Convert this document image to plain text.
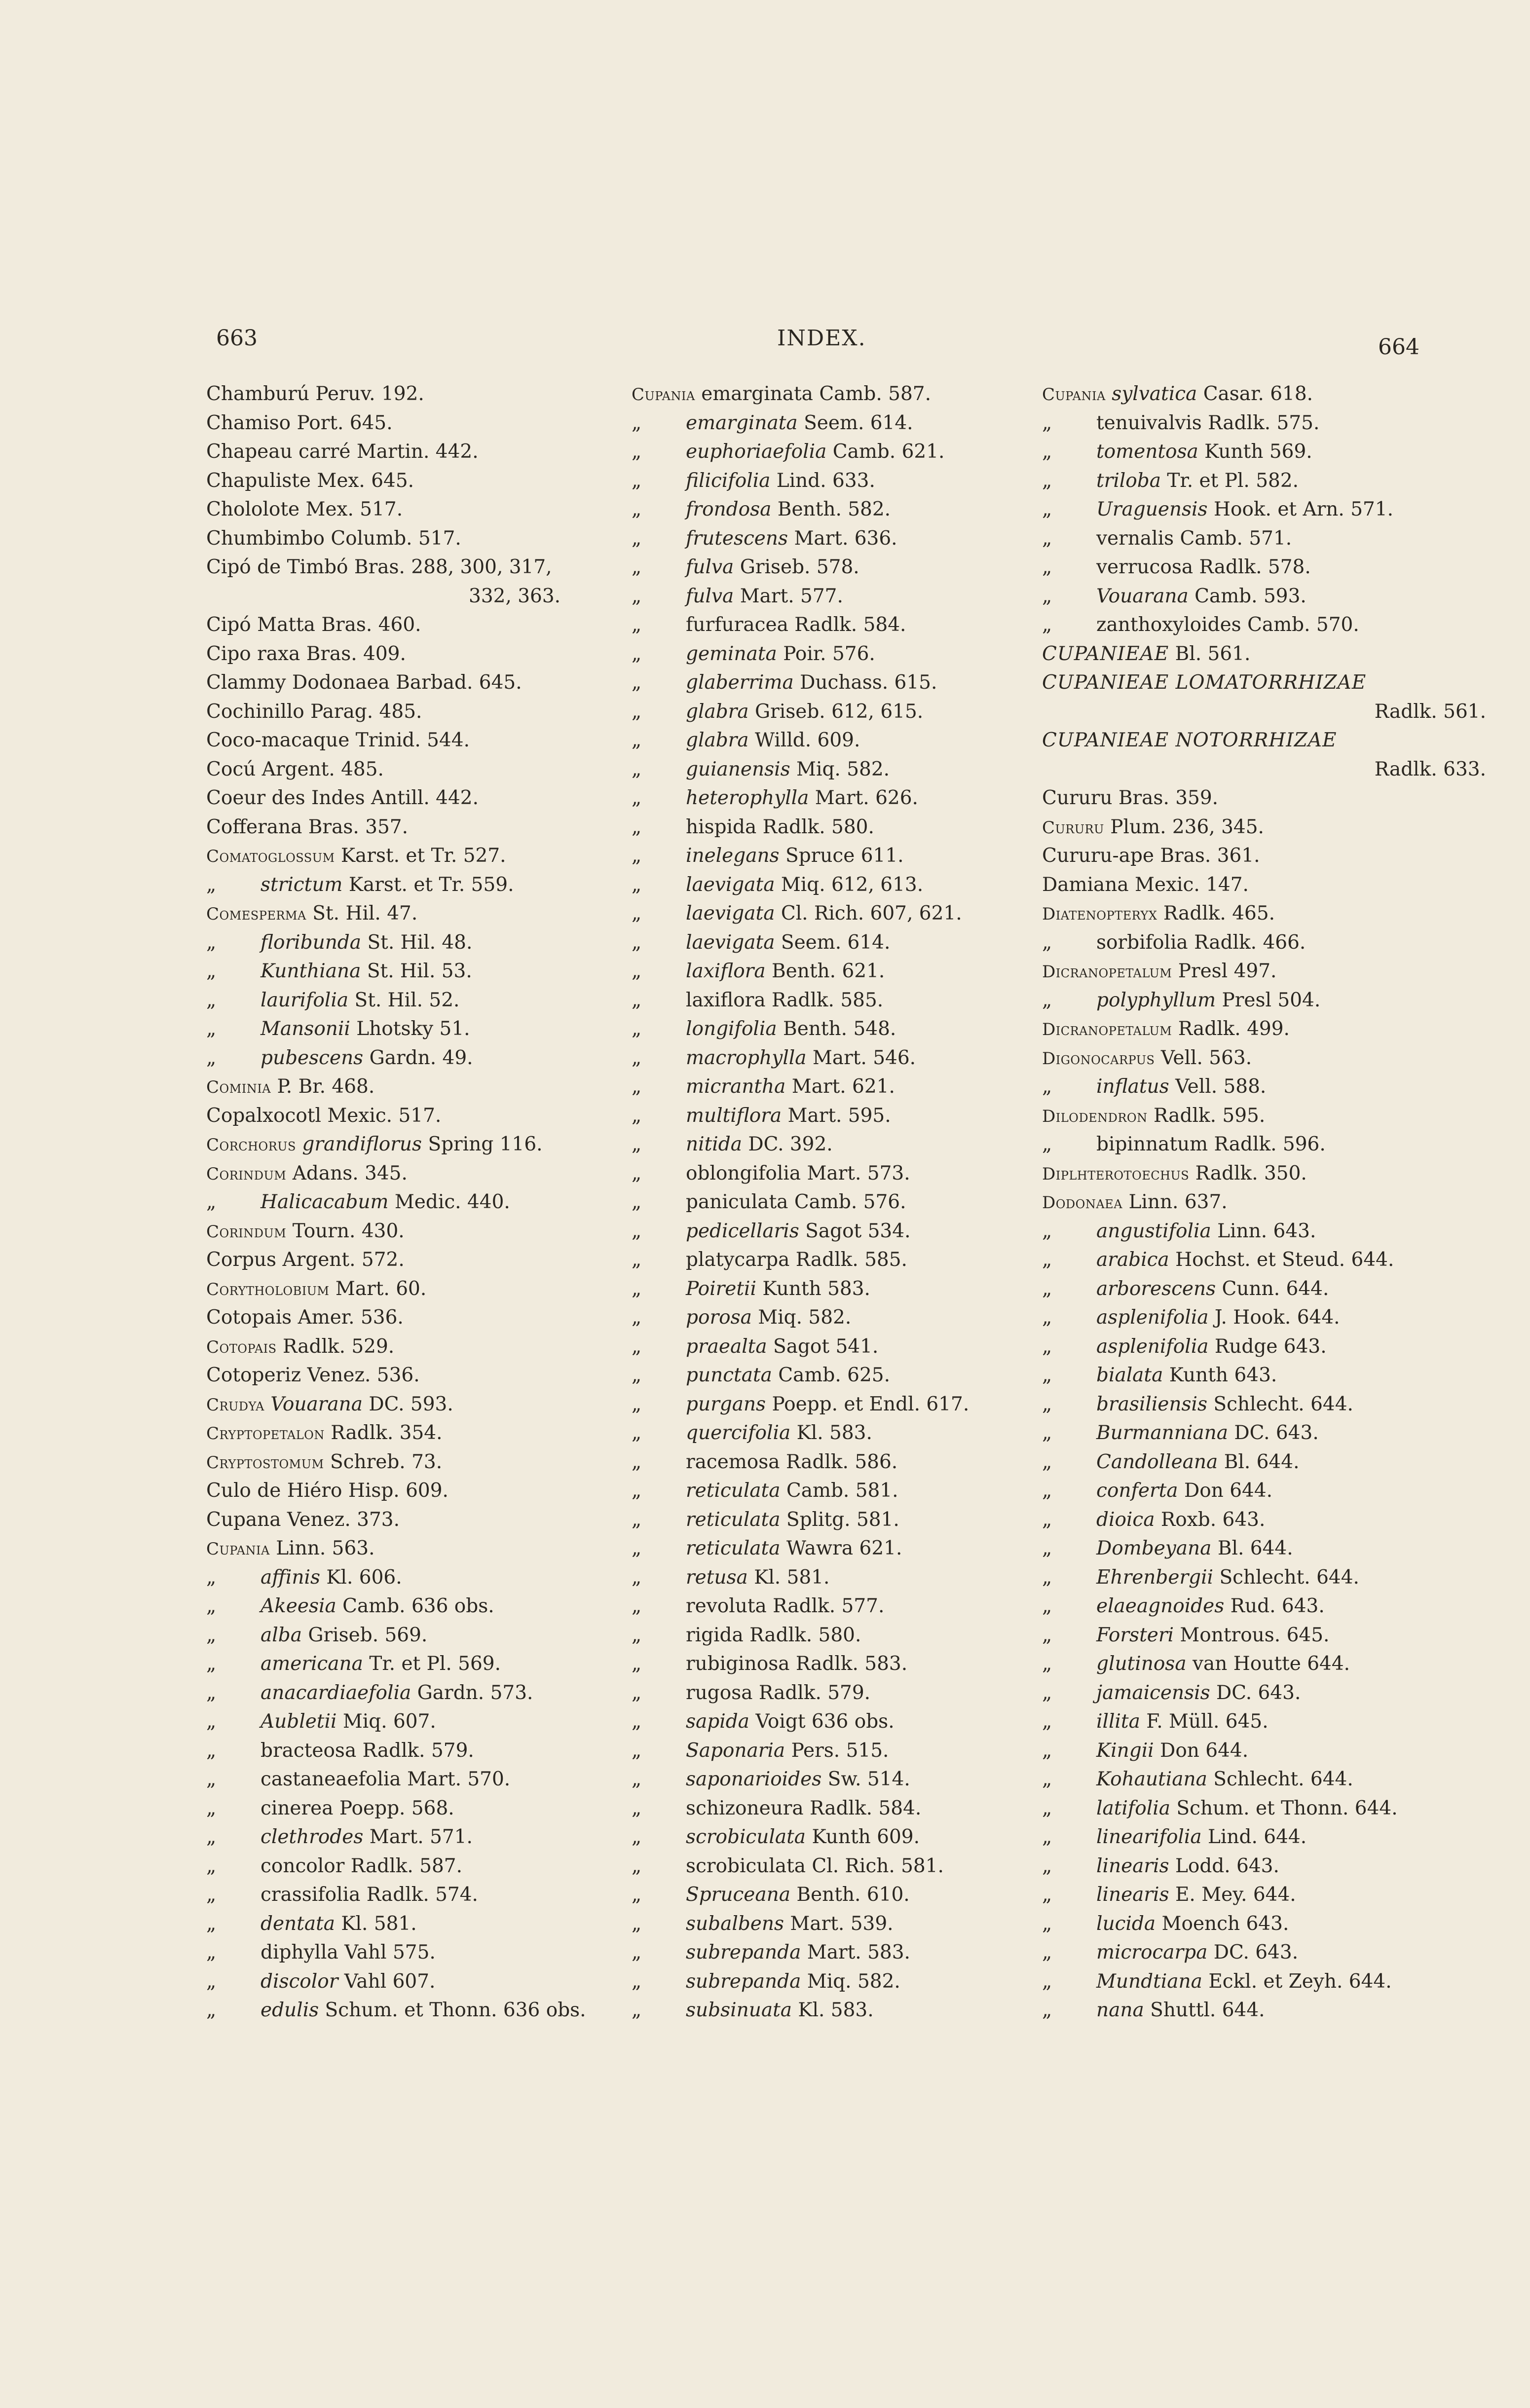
663	INDEX.	664
Chamburú Peruv. 192.
Chamiso Port. 645.
Chapeau carré Martin. 442.
Chapuliste Mex. 645.
Chololote Mex. 517.
Chumbimbo Columb. 517.
Cipó de Timbó Bras. 288, 300, 317,
332, 363.
Cipó Matta Bras. 460.
Cipo raxa Bras. 409.
Clammy Dodonaea Barbad. 645.
Cochinillo Parag. 485.
Coco-macaque Trinid. 544.
Cocú Argent. 485.
Coeur des Indes Antill. 442.
Cofferana Bras. 357.
Comatoglossum Karst. et Tr. 527.
„ strictum Karst. et Tr. 559.
Comesperma St. Hil. 47.
„ floribunda St. Hil. 48.
„ Kunthiana St. Hil. 53.
„ laurifolia St. Hil. 52.
„ Mansonii Lhotsky 51.
„ pubescens Gardn. 49.
Cominia P. Br. 468.
Copalxocotl Mexic. 517.
Corchorus grandiflorus Spring 116.
Corindum Adans. 345.
„ Halicacabum Medic. 440.
Corindum Tourn. 430.
Corpus Argent. 572.
Corytholobium Mart. 60.
Cotopais Amer. 536.
Cotopais Radlk. 529.
Cotoperiz Venez. 536.
Crudya Vouarana DC. 593.
Cryptopetalon Radlk. 354.
Cryptostomum Schreb. 73.
Culo de Hiéro Hisp. 609.
Cupana Venez. 373.
Cupania Linn. 563.
„ affinis Kl. 606.
„ Akeesia Camb. 636 obs.
„ alba Griseb. 569.
„ americana Tr. et Pl. 569.
„ anacardiaefolia Gardn. 573.
„ Aubletii Miq. 607.
„ bracteosa Radlk. 579.
„ castaneaefolia Mart. 570.
„ cinerea Poepp. 568.
„ clethrodes Mart. 571.
„ concolor Radlk. 587.
„ crassifolia Radlk. 574.
„ dentata Kl. 581.
„ diphylla Vahl 575.
„ discolor Vahl 607.
„ edulis Schum. et Thonn. 636 obs.
Cupania emarginata Camb. 587.
„ emarginata Seem. 614.
„ euphoriaefolia Camb. 621.
„ filicifolia Lind. 633.
„ frondosa Benth. 582.
„ frutescens Mart. 636.
„ fulva Griseb. 578.
„ fulva Mart. 577.
„ furfuracea Radlk. 584.
„ geminata Poir. 576.
„ glaberrima Duchass. 615.
„ glabra Griseb. 612, 615.
„ glabra Willd. 609.
„ guianensis Miq. 582.
„ heterophylla Mart. 626.
„ hispida Radlk. 580.
„ inelegans Spruce 611.
„ laevigata Miq. 612, 613.
„ laevigata Cl. Rich. 607, 621.
„ laevigata Seem. 614.
„ laxiflora Benth. 621.
„ laxiflora Radlk. 585.
„ longifolia Benth. 548.
„ macrophylla Mart. 546.
„ micrantha Mart. 621.
„ multiflora Mart. 595.
„ nitida DC. 392.
„ oblongifolia Mart. 573.
„ paniculata Camb. 576.
„ pedicellaris Sagot 534.
„ platycarpa Radlk. 585.
„ Poiretii Kunth 583.
„ porosa Miq. 582.
„ praealta Sagot 541.
„ punctata Camb. 625.
„ purgans Poepp. et Endl. 617.
„ quercifolia Kl. 583.
„ racemosa Radlk. 586.
„ reticulata Camb. 581.
„ reticulata Splitg. 581.
„ reticulata Wawra 621.
„ retusa Kl. 581.
„ revoluta Radlk. 577.
„ rigida Radlk. 580.
„ rubiginosa Radlk. 583.
„ rugosa Radlk. 579.
„ sapida Voigt 636 obs.
„ Saponaria Pers. 515.
„ saponarioides Sw. 514.
„ schizoneura Radlk. 584.
„ scrobiculata Kunth 609.
„ scrobiculata Cl. Rich. 581.
„ Spruceana Benth. 610.
„ subalbens Mart. 539.
„ subrepanda Mart. 583.
„ subrepanda Miq. 582.
„ subsinuata Kl. 583.
Cupania sylvatica Casar. 618.
„ tenuivalvis Radlk. 575.
„ tomentosa Kunth 569.
„ triloba Tr. et Pl. 582.
„ Uraguensis Hook. et Arn. 571.
„ vernalis Camb. 571.
„ verrucosa Radlk. 578.
„ Vouarana Camb. 593.
„ zanthoxyloides Camb. 570.
CUPANIEAE Bl. 561.
CUPANIEAE LOMATORRHIZAE
Radlk. 561.
CUPANIEAE NOTORRHIZAE
Radlk. 633.
Cururu Bras. 359.
Cururu Plum. 236, 345.
Cururu-ape Bras. 361.
Damiana Mexic. 147.
Diatenopteryx Radlk. 465.
„ sorbifolia Radlk. 466.
Dicranopetalum Presl 497.
„ polyphyllum Presl 504.
Dicranopetalum Radlk. 499.
Digonocarpus Vell. 563.
„ inflatus Vell. 588.
Dilodendron Radlk. 595.
„ bipinnatum Radlk. 596.
Diplhterotoechus Radlk. 350.
Dodonaea Linn. 637.
„ angustifolia Linn. 643.
„ arabica Hochst. et Steud. 644.
„ arborescens Cunn. 644.
„ asplenifolia J. Hook. 644.
„ asplenifolia Rudge 643.
„ bialata Kunth 643.
„ brasiliensis Schlecht. 644.
„ Burmanniana DC. 643.
„ Candolleana Bl. 644.
„ conferta Don 644.
„ dioica Roxb. 643.
„ Dombeyana Bl. 644.
„ Ehrenbergii Schlecht. 644.
„ elaeagnoides Rud. 643.
„ Forsteri Montrous. 645.
„ glutinosa van Houtte 644.
„ jamaicensis DC. 643.
„ illita F. Müll. 645.
„ Kingii Don 644.
„ Kohautiana Schlecht. 644.
„ latifolia Schum. et Thonn. 644.
„ linearifolia Lind. 644.
„ linearis Lodd. 643.
„ linearis E. Mey. 644.
„ lucida Moench 643.
„ microcarpa DC. 643.
„ Mundtiana Eckl. et Zeyh. 644.
„ nana Shuttl. 644.
